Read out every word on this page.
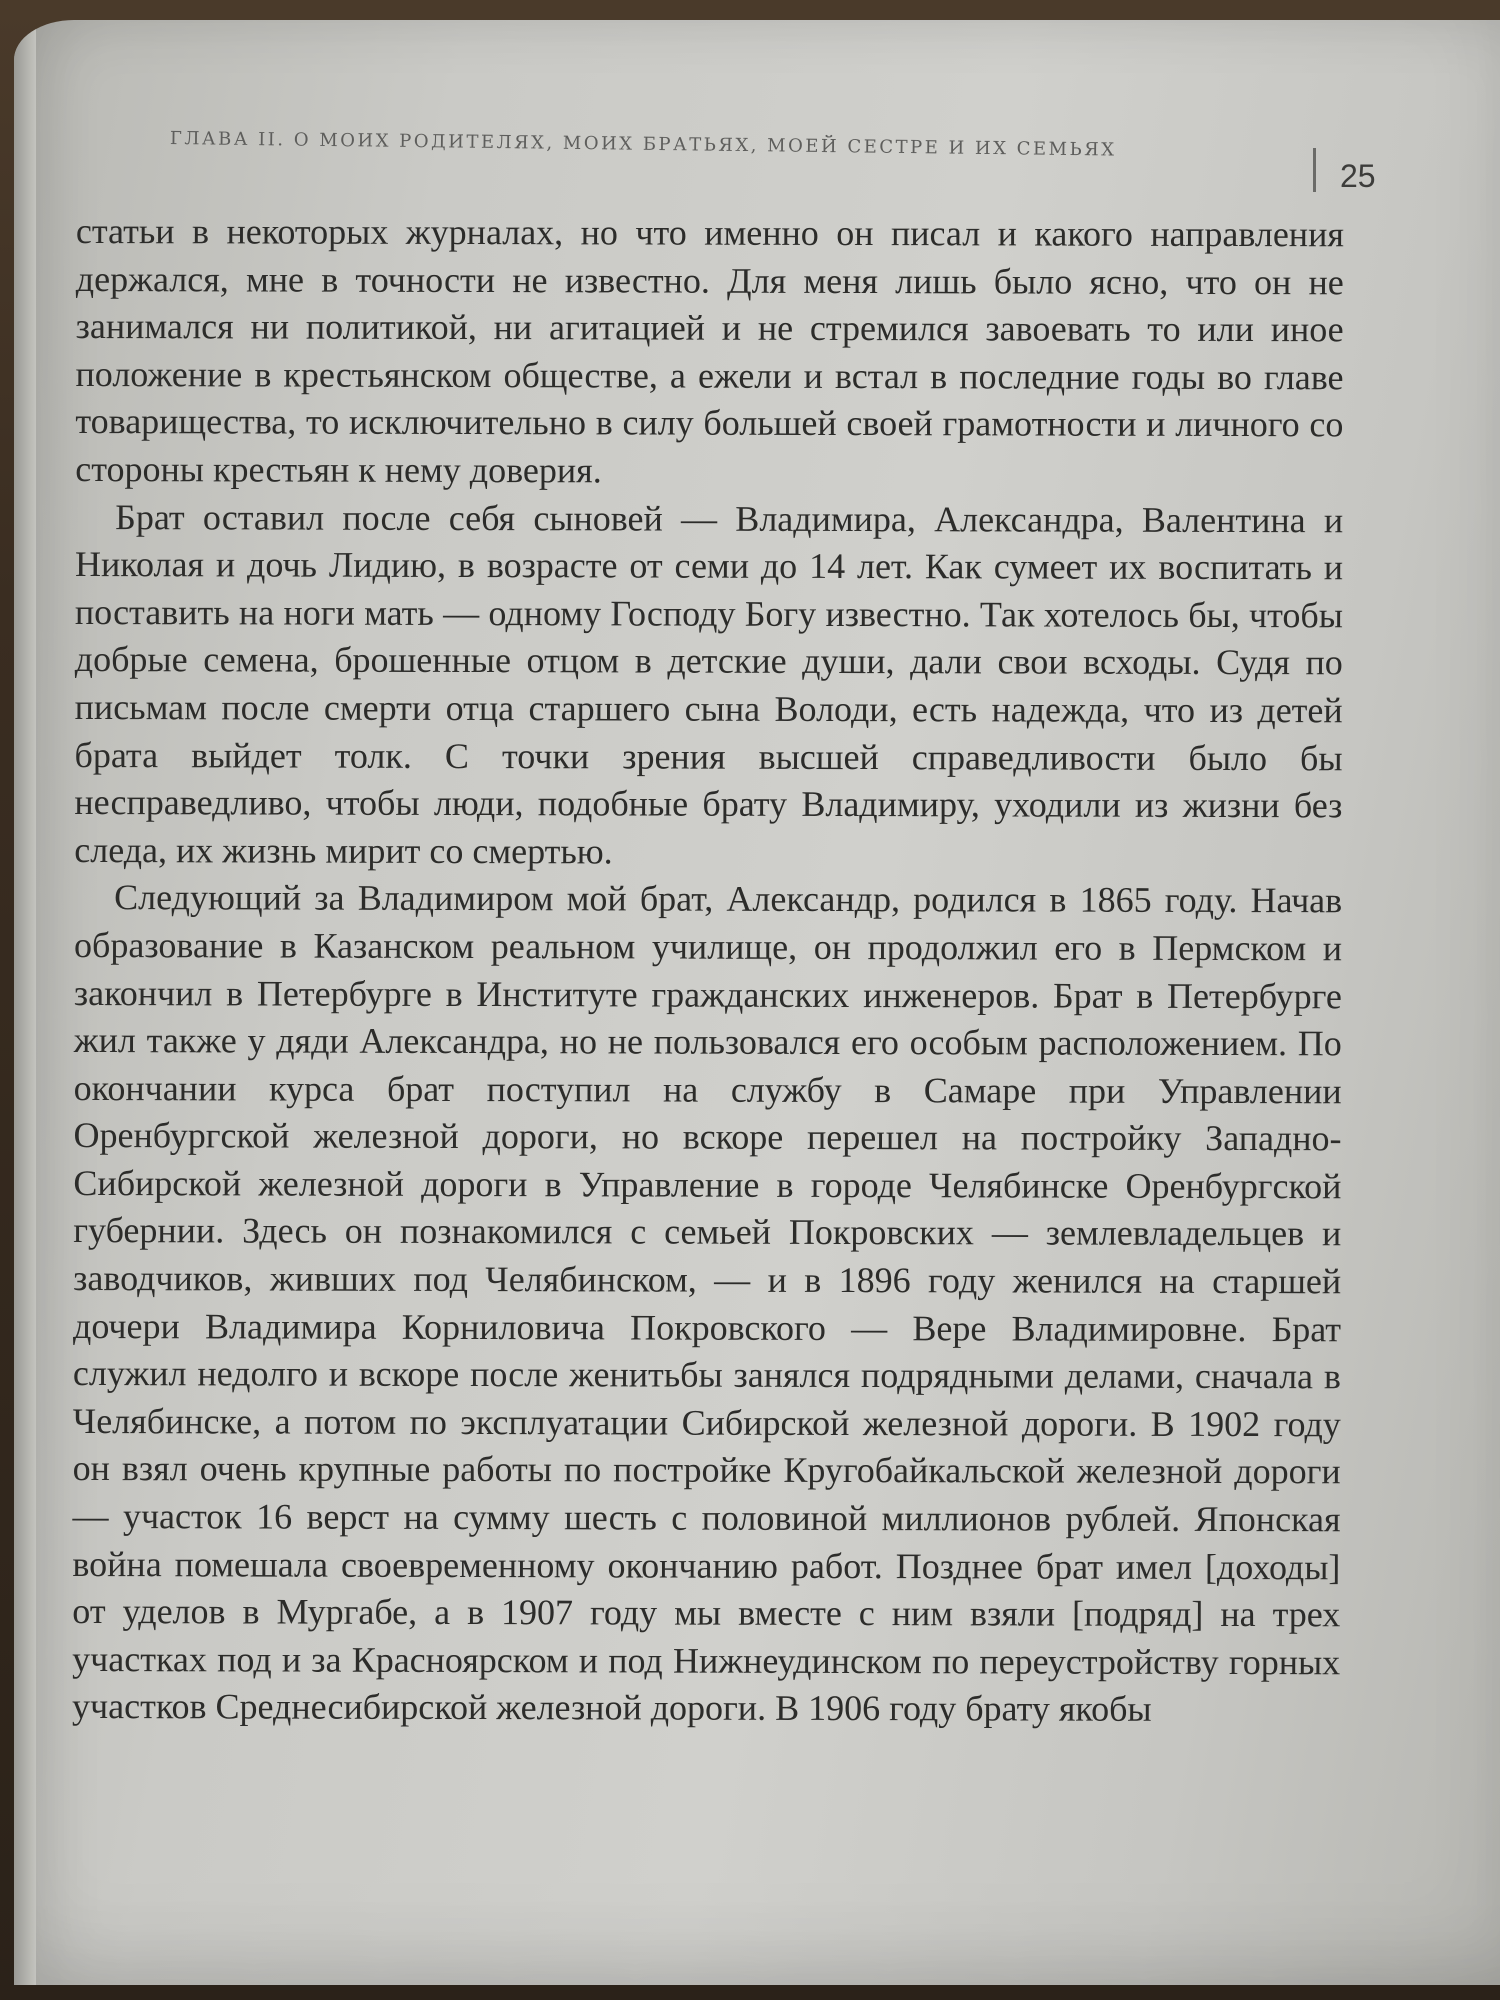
ГЛАВА II. О МОИХ РОДИТЕЛЯХ, МОИХ БРАТЬЯХ, МОЕЙ СЕСТРЕ И ИХ СЕМЬЯХ
25

статьи в некоторых журналах, но что именно он писал и какого направления держался, мне в точности не известно. Для меня лишь было ясно, что он не занимался ни политикой, ни агитацией и не стремился завоевать то или иное положение в крестьянском обществе, а ежели и встал в последние годы во главе товарищества, то исключительно в силу большей своей грамотности и личного со стороны крестьян к нему доверия.

Брат оставил после себя сыновей — Владимира, Александра, Валентина и Николая и дочь Лидию, в возрасте от семи до 14 лет. Как сумеет их воспитать и поставить на ноги мать — одному Господу Богу известно. Так хотелось бы, чтобы добрые семена, брошенные отцом в детские души, дали свои всходы. Судя по письмам после смерти отца старшего сына Володи, есть надежда, что из детей брата выйдет толк. С точки зрения высшей справедливости было бы несправедливо, чтобы люди, подобные брату Владимиру, уходили из жизни без следа, их жизнь мирит со смертью.

Следующий за Владимиром мой брат, Александр, родился в 1865 году. Начав образование в Казанском реальном училище, он продолжил его в Пермском и закончил в Петербурге в Институте гражданских инженеров. Брат в Петербурге жил также у дяди Александра, но не пользовался его особым расположением. По окончании курса брат поступил на службу в Самаре при Управлении Оренбургской железной дороги, но вскоре перешел на постройку Западно-Сибирской железной дороги в Управление в городе Челябинске Оренбургской губернии. Здесь он познакомился с семьей Покровских — землевладельцев и заводчиков, живших под Челябинском, — и в 1896 году женился на старшей дочери Владимира Корниловича Покровского — Вере Владимировне. Брат служил недолго и вскоре после женитьбы занялся подрядными делами, сначала в Челябинске, а потом по эксплуатации Сибирской железной дороги. В 1902 году он взял очень крупные работы по постройке Кругобайкальской железной дороги — участок 16 верст на сумму шесть с половиной миллионов рублей. Японская война помешала своевременному окончанию работ. Позднее брат имел [доходы] от уделов в Мургабе, а в 1907 году мы вместе с ним взяли [подряд] на трех участках под и за Красноярском и под Нижнеудинском по переустройству горных участков Среднесибирской железной дороги. В 1906 году брату якобы
